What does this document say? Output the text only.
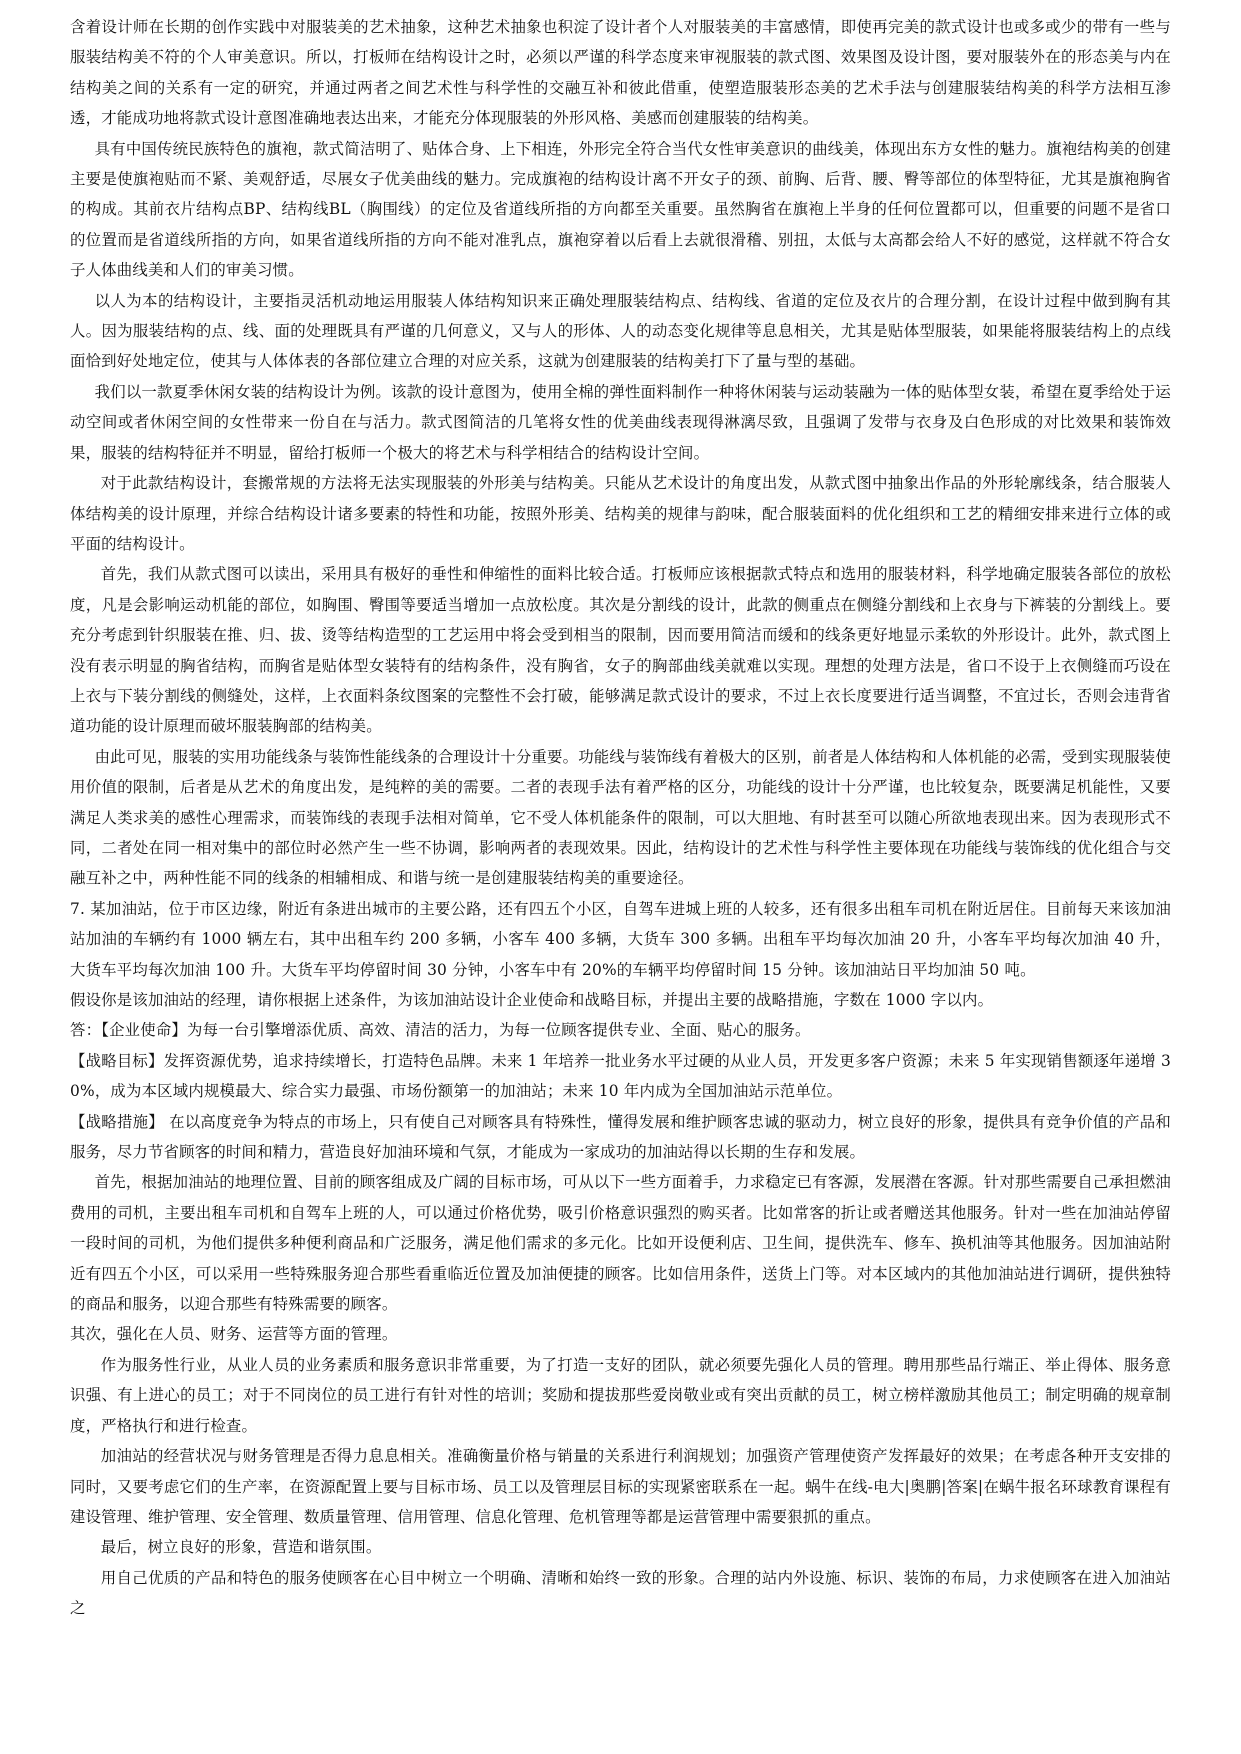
含着设计师在长期的创作实践中对服装美的艺术抽象，这种艺术抽象也积淀了设计者个人对服装美的丰富感情，即使再完美的款式设计也或多或少的带有一些与服装结构美不符的个人审美意识。所以，打板师在结构设计之时，必须以严谨的科学态度来审视服装的款式图、效果图及设计图，要对服装外在的形态美与内在结构美之间的关系有一定的研究，并通过两者之间艺术性与科学性的交融互补和彼此借重，使塑造服装形态美的艺术手法与创建服装结构美的科学方法相互渗透，才能成功地将款式设计意图准确地表达出来，才能充分体现服装的外形风格、美感而创建服装的结构美。

具有中国传统民族特色的旗袍，款式简洁明了、贴体合身、上下相连，外形完全符合当代女性审美意识的曲线美，体现出东方女性的魅力。旗袍结构美的创建主要是使旗袍贴而不紧、美观舒适，尽展女子优美曲线的魅力。完成旗袍的结构设计离不开女子的颈、前胸、后背、腰、臀等部位的体型特征，尤其是旗袍胸省的构成。其前衣片结构点BP、结构线BL（胸围线）的定位及省道线所指的方向都至关重要。虽然胸省在旗袍上半身的任何位置都可以，但重要的问题不是省口的位置而是省道线所指的方向，如果省道线所指的方向不能对准乳点，旗袍穿着以后看上去就很滑稽、别扭，太低与太高都会给人不好的感觉，这样就不符合女子人体曲线美和人们的审美习惯。

以人为本的结构设计，主要指灵活机动地运用服装人体结构知识来正确处理服装结构点、结构线、省道的定位及衣片的合理分割，在设计过程中做到胸有其人。因为服装结构的点、线、面的处理既具有严谨的几何意义，又与人的形体、人的动态变化规律等息息相关，尤其是贴体型服装，如果能将服装结构上的点线面恰到好处地定位，使其与人体体表的各部位建立合理的对应关系，这就为创建服装的结构美打下了量与型的基础。

我们以一款夏季休闲女装的结构设计为例。该款的设计意图为，使用全棉的弹性面料制作一种将休闲装与运动装融为一体的贴体型女装，希望在夏季给处于运动空间或者休闲空间的女性带来一份自在与活力。款式图简洁的几笔将女性的优美曲线表现得淋漓尽致，且强调了发带与衣身及白色形成的对比效果和装饰效果，服装的结构特征并不明显，留给打板师一个极大的将艺术与科学相结合的结构设计空间。

对于此款结构设计，套搬常规的方法将无法实现服装的外形美与结构美。只能从艺术设计的角度出发，从款式图中抽象出作品的外形轮廓线条，结合服装人体结构美的设计原理，并综合结构设计诸多要素的特性和功能，按照外形美、结构美的规律与韵味，配合服装面料的优化组织和工艺的精细安排来进行立体的或平面的结构设计。

首先，我们从款式图可以读出，采用具有极好的垂性和伸缩性的面料比较合适。打板师应该根据款式特点和选用的服装材料，科学地确定服装各部位的放松度，凡是会影响运动机能的部位，如胸围、臀围等要适当增加一点放松度。其次是分割线的设计，此款的侧重点在侧缝分割线和上衣身与下裤装的分割线上。要充分考虑到针织服装在推、归、拔、烫等结构造型的工艺运用中将会受到相当的限制，因而要用简洁而缓和的线条更好地显示柔软的外形设计。此外，款式图上没有表示明显的胸省结构，而胸省是贴体型女装特有的结构条件，没有胸省，女子的胸部曲线美就难以实现。理想的处理方法是，省口不设于上衣侧缝而巧设在上衣与下装分割线的侧缝处，这样，上衣面料条纹图案的完整性不会打破，能够满足款式设计的要求，不过上衣长度要进行适当调整，不宜过长，否则会违背省道功能的设计原理而破坏服装胸部的结构美。

由此可见，服装的实用功能线条与装饰性能线条的合理设计十分重要。功能线与装饰线有着极大的区别，前者是人体结构和人体机能的必需，受到实现服装使用价值的限制，后者是从艺术的角度出发，是纯粹的美的需要。二者的表现手法有着严格的区分，功能线的设计十分严谨，也比较复杂，既要满足机能性，又要满足人类求美的感性心理需求，而装饰线的表现手法相对简单，它不受人体机能条件的限制，可以大胆地、有时甚至可以随心所欲地表现出来。因为表现形式不同，二者处在同一相对集中的部位时必然产生一些不协调，影响两者的表现效果。因此，结构设计的艺术性与科学性主要体现在功能线与装饰线的优化组合与交融互补之中，两种性能不同的线条的相辅相成、和谐与统一是创建服装结构美的重要途径。

7. 某加油站，位于市区边缘，附近有条进出城市的主要公路，还有四五个小区，自驾车进城上班的人较多，还有很多出租车司机在附近居住。目前每天来该加油站加油的车辆约有 1000 辆左右，其中出租车约 200 多辆，小客车 400 多辆，大货车 300 多辆。出租车平均每次加油 20 升，小客车平均每次加油 40 升，大货车平均每次加油 100 升。大货车平均停留时间 30 分钟，小客车中有 20%的车辆平均停留时间 15 分钟。该加油站日平均加油 50 吨。

假设你是该加油站的经理，请你根据上述条件，为该加油站设计企业使命和战略目标，并提出主要的战略措施，字数在 1000 字以内。

答：【企业使命】为每一台引擎增添优质、高效、清洁的活力，为每一位顾客提供专业、全面、贴心的服务。

【战略目标】发挥资源优势，追求持续增长，打造特色品牌。未来 1 年培养一批业务水平过硬的从业人员，开发更多客户资源；未来 5 年实现销售额逐年递增 30%，成为本区域内规模最大、综合实力最强、市场份额第一的加油站；未来 10 年内成为全国加油站示范单位。

【战略措施】 在以高度竞争为特点的市场上，只有使自己对顾客具有特殊性，懂得发展和维护顾客忠诚的驱动力，树立良好的形象，提供具有竞争价值的产品和服务，尽力节省顾客的时间和精力，营造良好加油环境和气氛，才能成为一家成功的加油站得以长期的生存和发展。

首先，根据加油站的地理位置、目前的顾客组成及广阔的目标市场，可从以下一些方面着手，力求稳定已有客源，发展潜在客源。针对那些需要自己承担燃油费用的司机，主要出租车司机和自驾车上班的人，可以通过价格优势，吸引价格意识强烈的购买者。比如常客的折让或者赠送其他服务。针对一些在加油站停留一段时间的司机，为他们提供多种便利商品和广泛服务，满足他们需求的多元化。比如开设便利店、卫生间，提供洗车、修车、换机油等其他服务。因加油站附近有四五个小区，可以采用一些特殊服务迎合那些看重临近位置及加油便捷的顾客。比如信用条件，送货上门等。对本区域内的其他加油站进行调研，提供独特的商品和服务，以迎合那些有特殊需要的顾客。

其次，强化在人员、财务、运营等方面的管理。

作为服务性行业，从业人员的业务素质和服务意识非常重要，为了打造一支好的团队，就必须要先强化人员的管理。聘用那些品行端正、举止得体、服务意识强、有上进心的员工；对于不同岗位的员工进行有针对性的培训；奖励和提拔那些爱岗敬业或有突出贡献的员工，树立榜样激励其他员工；制定明确的规章制度，严格执行和进行检查。

加油站的经营状况与财务管理是否得力息息相关。准确衡量价格与销量的关系进行利润规划；加强资产管理使资产发挥最好的效果；在考虑各种开支安排的同时，又要考虑它们的生产率，在资源配置上要与目标市场、员工以及管理层目标的实现紧密联系在一起。蜗牛在线-电大|奥鹏|答案|在蜗牛报名环球教育课程有建设管理、维护管理、安全管理、数质量管理、信用管理、信息化管理、危机管理等都是运营管理中需要狠抓的重点。

最后，树立良好的形象，营造和谐氛围。

用自己优质的产品和特色的服务使顾客在心目中树立一个明确、清晰和始终一致的形象。合理的站内外设施、标识、装饰的布局，力求使顾客在进入加油站之
